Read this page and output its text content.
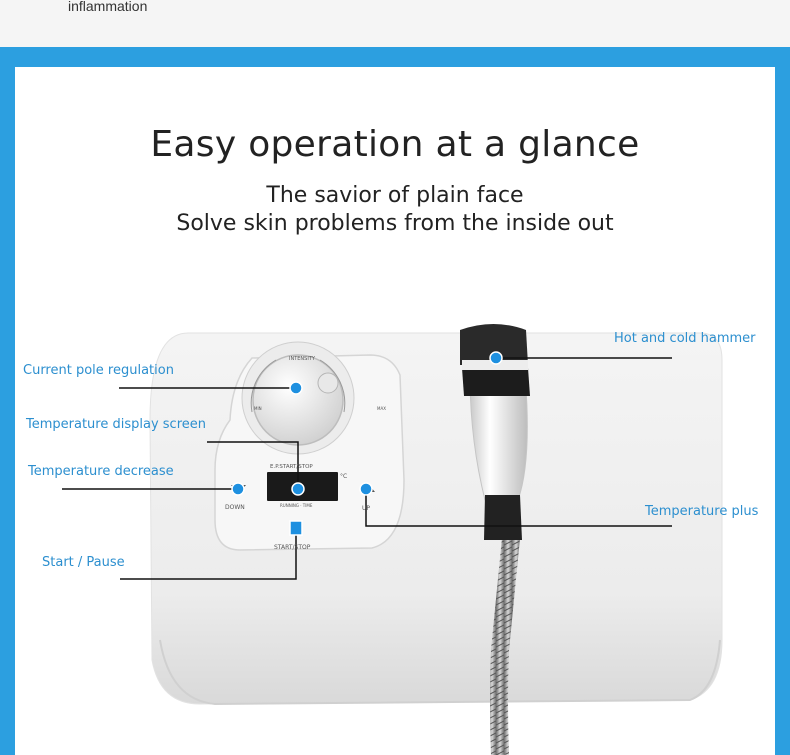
inflammation
Easy operation at a glance
The savior of plain face
Solve skin problems from the inside out
INTENSITY
MIN	MAX
E.P.START/STOP
°C
RUNNING · TIME
DOWN	UP
START/STOP
Current pole regulation
Temperature display screen
Temperature decrease
Start / Pause
Hot and cold hammer
Temperature plus
